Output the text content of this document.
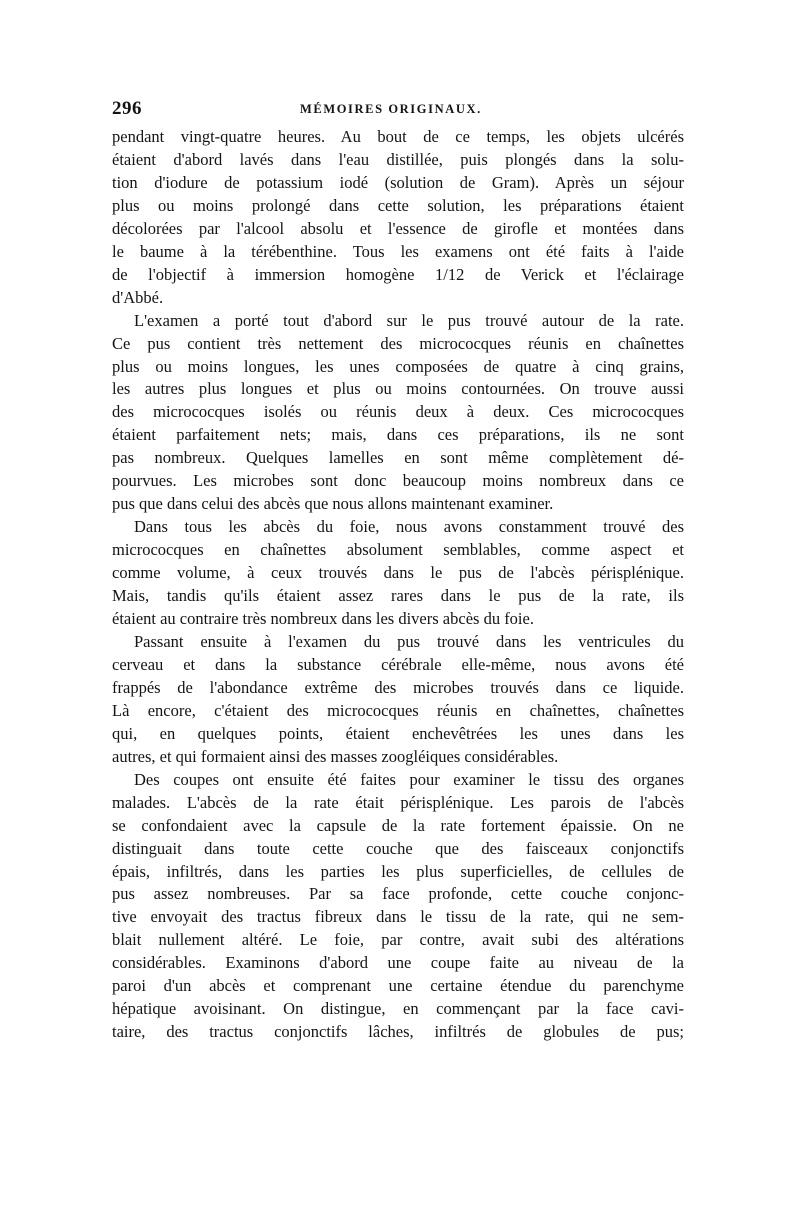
296	MÉMOIRES ORIGINAUX.
pendant vingt-quatre heures. Au bout de ce temps, les objets ulcérés
étaient d'abord lavés dans l'eau distillée, puis plongés dans la solu-
tion d'iodure de potassium iodé (solution de Gram). Après un séjour
plus ou moins prolongé dans cette solution, les préparations étaient
décolorées par l'alcool absolu et l'essence de girofle et montées dans
le baume à la térébenthine. Tous les examens ont été faits à l'aide
de l'objectif à immersion homogène 1/12 de Verick et l'éclairage
d'Abbé.
L'examen a porté tout d'abord sur le pus trouvé autour de la rate.
Ce pus contient très nettement des micrococques réunis en chaînettes
plus ou moins longues, les unes composées de quatre à cinq grains,
les autres plus longues et plus ou moins contournées. On trouve aussi
des micrococques isolés ou réunis deux à deux. Ces micrococques
étaient parfaitement nets; mais, dans ces préparations, ils ne sont
pas nombreux. Quelques lamelles en sont même complètement dé-
pourvues. Les microbes sont donc beaucoup moins nombreux dans ce
pus que dans celui des abcès que nous allons maintenant examiner.
Dans tous les abcès du foie, nous avons constamment trouvé des
micrococques en chaînettes absolument semblables, comme aspect et
comme volume, à ceux trouvés dans le pus de l'abcès périsplénique.
Mais, tandis qu'ils étaient assez rares dans le pus de la rate, ils
étaient au contraire très nombreux dans les divers abcès du foie.
Passant ensuite à l'examen du pus trouvé dans les ventricules du
cerveau et dans la substance cérébrale elle-même, nous avons été
frappés de l'abondance extrême des microbes trouvés dans ce liquide.
Là encore, c'étaient des micrococques réunis en chaînettes, chaînettes
qui, en quelques points, étaient enchevêtrées les unes dans les
autres, et qui formaient ainsi des masses zoogléiques considérables.
Des coupes ont ensuite été faites pour examiner le tissu des organes
malades. L'abcès de la rate était périsplénique. Les parois de l'abcès
se confondaient avec la capsule de la rate fortement épaissie. On ne
distinguait dans toute cette couche que des faisceaux conjonctifs
épais, infiltrés, dans les parties les plus superficielles, de cellules de
pus assez nombreuses. Par sa face profonde, cette couche conjonc-
tive envoyait des tractus fibreux dans le tissu de la rate, qui ne sem-
blait nullement altéré. Le foie, par contre, avait subi des altérations
considérables. Examinons d'abord une coupe faite au niveau de la
paroi d'un abcès et comprenant une certaine étendue du parenchyme
hépatique avoisinant. On distingue, en commençant par la face cavi-
taire, des tractus conjonctifs lâches, infiltrés de globules de pus;
